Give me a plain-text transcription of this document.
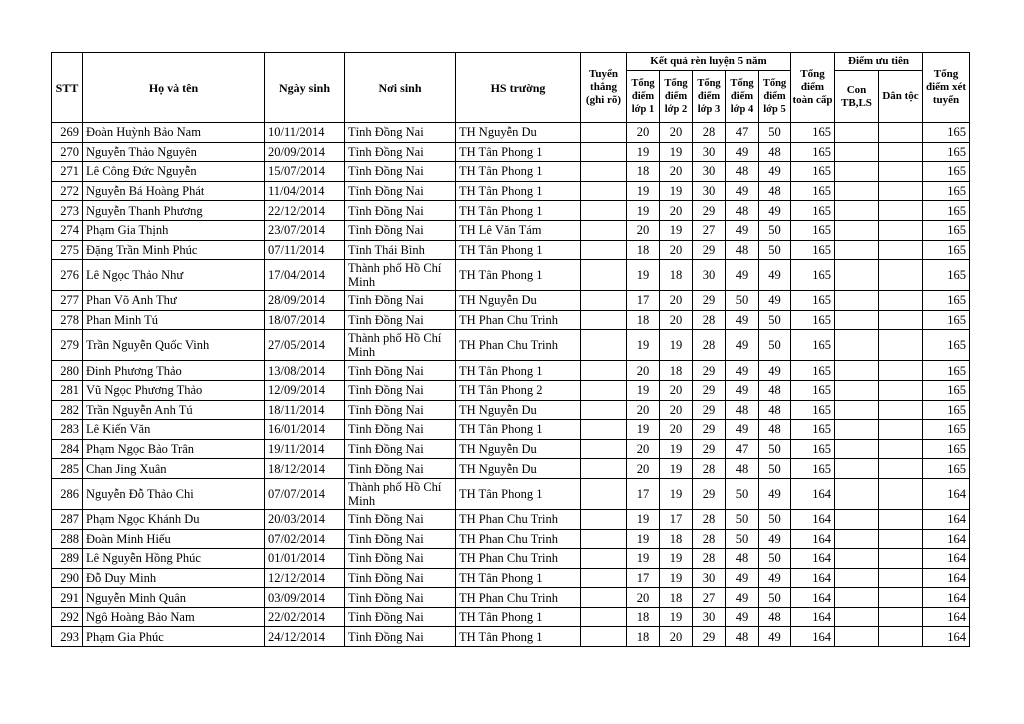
STT	Họ và tên	Ngày sinh	Nơi sinh	HS trường	Tuyển thẳng (ghi rõ)	Kết quả rèn luyện 5 năm					Tổng điểm toàn cấp	Điểm ưu tiên		Tổng điểm xét tuyển
						Tổng điểm lớp 1	Tổng điểm lớp 2	Tổng điểm lớp 3	Tổng điểm lớp 4	Tổng điểm lớp 5		Con TB,LS	Dân tộc	
269	Đoàn Huỳnh Bảo Nam	10/11/2014	Tỉnh Đồng Nai	TH Nguyễn Du		20	20	28	47	50	165			165
270	Nguyễn Thảo Nguyên	20/09/2014	Tỉnh Đồng Nai	TH Tân Phong 1		19	19	30	49	48	165			165
271	Lê Công Đức Nguyễn	15/07/2014	Tỉnh Đồng Nai	TH Tân Phong 1		18	20	30	48	49	165			165
272	Nguyễn Bá Hoàng Phát	11/04/2014	Tỉnh Đồng Nai	TH Tân Phong 1		19	19	30	49	48	165			165
273	Nguyễn Thanh Phương	22/12/2014	Tỉnh Đồng Nai	TH Tân Phong 1		19	20	29	48	49	165			165
274	Phạm Gia Thịnh	23/07/2014	Tỉnh Đồng Nai	TH Lê Văn Tám		20	19	27	49	50	165			165
275	Đặng Trần Minh Phúc	07/11/2014	Tỉnh Thái Bình	TH Tân Phong 1		18	20	29	48	50	165			165
276	Lê Ngọc Thảo Như	17/04/2014	Thành phố Hồ Chí Minh	TH Tân Phong 1		19	18	30	49	49	165			165
277	Phan Võ Anh Thư	28/09/2014	Tỉnh Đồng Nai	TH Nguyễn Du		17	20	29	50	49	165			165
278	Phan Minh Tú	18/07/2014	Tỉnh Đồng Nai	TH Phan Chu Trinh		18	20	28	49	50	165			165
279	Trần Nguyễn Quốc Vinh	27/05/2014	Thành phố Hồ Chí Minh	TH Phan Chu Trinh		19	19	28	49	50	165			165
280	Đinh Phương Thảo	13/08/2014	Tỉnh Đồng Nai	TH Tân Phong 1		20	18	29	49	49	165			165
281	Vũ Ngọc Phương Thảo	12/09/2014	Tỉnh Đồng Nai	TH Tân Phong 2		19	20	29	49	48	165			165
282	Trần Nguyễn Anh Tú	18/11/2014	Tỉnh Đồng Nai	TH Nguyễn Du		20	20	29	48	48	165			165
283	Lê Kiến Văn	16/01/2014	Tỉnh Đồng Nai	TH Tân Phong 1		19	20	29	49	48	165			165
284	Phạm Ngọc Bảo Trân	19/11/2014	Tỉnh Đồng Nai	TH Nguyễn Du		20	19	29	47	50	165			165
285	Chan Jing Xuân	18/12/2014	Tỉnh Đồng Nai	TH Nguyễn Du		20	19	28	48	50	165			165
286	Nguyễn Đỗ Thảo Chi	07/07/2014	Thành phố Hồ Chí Minh	TH Tân Phong 1		17	19	29	50	49	164			164
287	Phạm Ngọc Khánh Du	20/03/2014	Tỉnh Đồng Nai	TH Phan Chu Trinh		19	17	28	50	50	164			164
288	Đoàn Minh Hiếu	07/02/2014	Tỉnh Đồng Nai	TH Phan Chu Trinh		19	18	28	50	49	164			164
289	Lê Nguyễn Hồng Phúc	01/01/2014	Tỉnh Đồng Nai	TH Phan Chu Trinh		19	19	28	48	50	164			164
290	Đỗ Duy Minh	12/12/2014	Tỉnh Đồng Nai	TH Tân Phong 1		17	19	30	49	49	164			164
291	Nguyễn Minh Quân	03/09/2014	Tỉnh Đồng Nai	TH Phan Chu Trinh		20	18	27	49	50	164			164
292	Ngô Hoàng Bảo Nam	22/02/2014	Tỉnh Đồng Nai	TH Tân Phong 1		18	19	30	49	48	164			164
293	Phạm Gia Phúc	24/12/2014	Tỉnh Đồng Nai	TH Tân Phong 1		18	20	29	48	49	164			164
